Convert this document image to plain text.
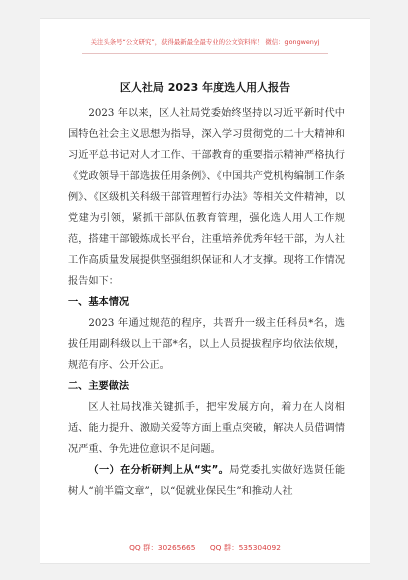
关注头条号“公文研究”，获得最新最全最专业的公文资料库！ 微信：gongwenyj
区人社局 2023 年度选人用人报告

2023 年以来，区人社局党委始终坚持以习近平新时代中国特色社会主义思想为指导，深入学习贯彻党的二十大精神和习近平总书记对人才工作、干部教育的重要指示精神严格执行《党政领导干部选拔任用条例》、《中国共产党机构编制工作条例》、《区级机关科级干部管理暂行办法》等相关文件精神，以党建为引领，紧抓干部队伍教育管理，强化选人用人工作规范，搭建干部锻炼成长平台，注重培养优秀年轻干部，为人社工作高质量发展提供坚强组织保证和人才支撑。现将工作情况报告如下：

一、基本情况

2023 年通过规范的程序，共晋升一级主任科员*名，选拔任用副科级以上干部*名，以上人员提拔程序均依法依规，规范有序、公开公正。

二、主要做法

区人社局找准关键抓手，把牢发展方向，着力在人岗相适、能力提升、激励关爱等方面上重点突破，解决人员借调情况严重、争先进位意识不足问题。

（一）在分析研判上从“实”。局党委扎实做好选贤任能树人“前半篇文章”，以“促就业保民生”和推动人社

QQ 群：30265665 QQ 群：535304092
